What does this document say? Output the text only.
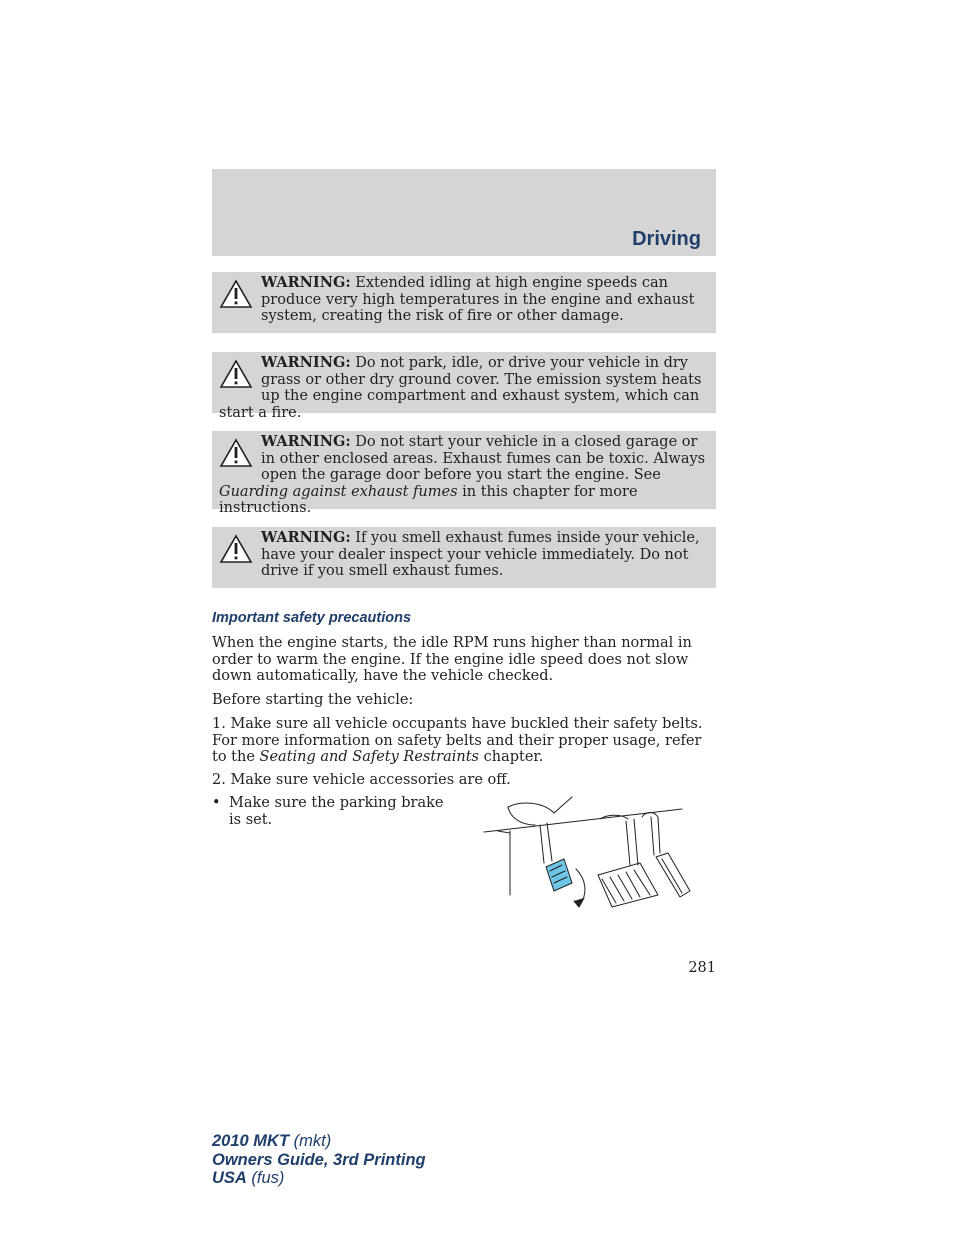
Driving
WARNING: Extended idling at high engine speeds can produce very high temperatures in the engine and exhaust system, creating the risk of fire or other damage.
WARNING: Do not park, idle, or drive your vehicle in dry grass or other dry ground cover. The emission system heats up the engine compartment and exhaust system, which can start a fire.
WARNING: Do not start your vehicle in a closed garage or in other enclosed areas. Exhaust fumes can be toxic. Always open the garage door before you start the engine. See Guarding against exhaust fumes in this chapter for more instructions.
WARNING: If you smell exhaust fumes inside your vehicle, have your dealer inspect your vehicle immediately. Do not drive if you smell exhaust fumes.
Important safety precautions

When the engine starts, the idle RPM runs higher than normal in order to warm the engine. If the engine idle speed does not slow down automatically, have the vehicle checked.

Before starting the vehicle:

1. Make sure all vehicle occupants have buckled their safety belts. For more information on safety belts and their proper usage, refer to the Seating and Safety Restraints chapter.

2. Make sure vehicle accessories are off.

• Make sure the parking brake is set.
281
2010 MKT (mkt)
Owners Guide, 3rd Printing
USA (fus)
